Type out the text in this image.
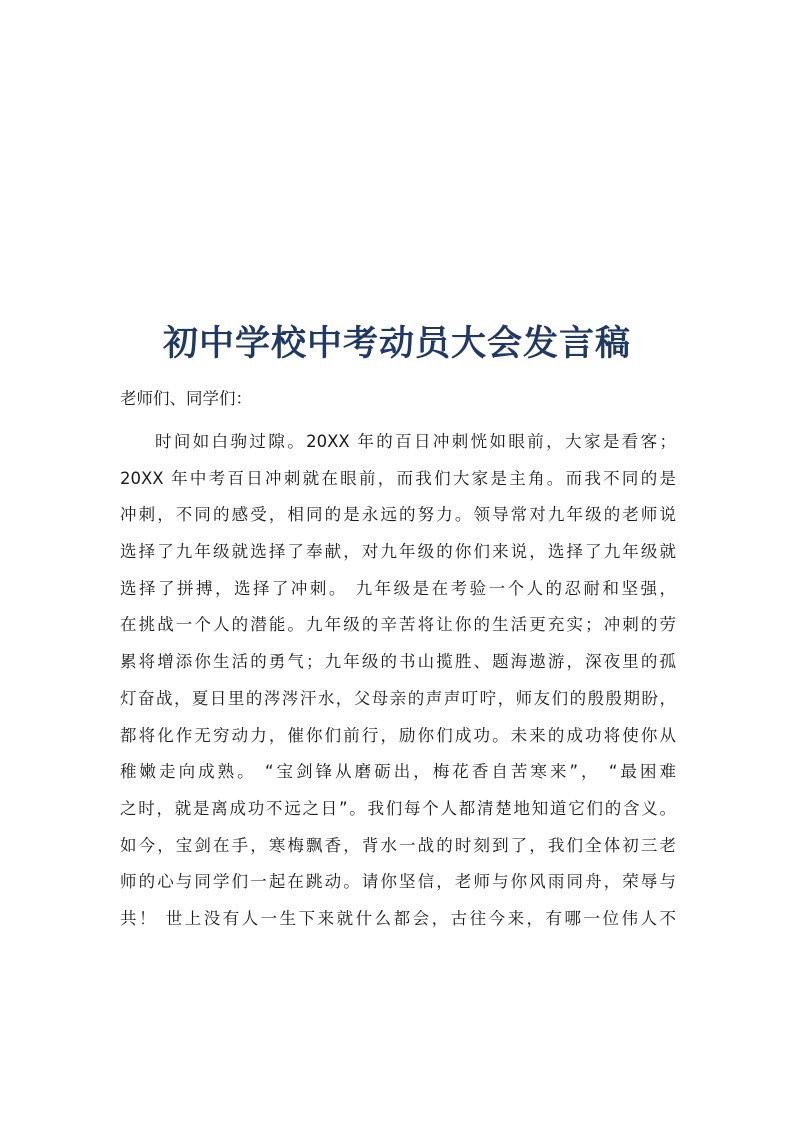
初中学校中考动员大会发言稿

老师们、同学们：

时间如白驹过隙。20XX 年的百日冲刺恍如眼前，大家是看客；
20XX 年中考百日冲刺就在眼前，而我们大家是主角。而我不同的是
冲刺，不同的感受，相同的是永远的努力。领导常对九年级的老师说
选择了九年级就选择了奉献，对九年级的你们来说，选择了九年级就
选择了拼搏，选择了冲刺。 九年级是在考验一个人的忍耐和坚强，
在挑战一个人的潜能。九年级的辛苦将让你的生活更充实；冲刺的劳
累将增添你生活的勇气；九年级的书山揽胜、题海遨游，深夜里的孤
灯奋战，夏日里的涔涔汗水，父母亲的声声叮咛，师友们的殷殷期盼，
都将化作无穷动力，催你们前行，励你们成功。未来的成功将使你从
稚嫩走向成熟。 “宝剑锋从磨砺出，梅花香自苦寒来”， “最困难
之时，就是离成功不远之日”。我们每个人都清楚地知道它们的含义。
如今，宝剑在手，寒梅飘香，背水一战的时刻到了，我们全体初三老
师的心与同学们一起在跳动。请你坚信，老师与你风雨同舟，荣辱与
共！ 世上没有人一生下来就什么都会，古往今来，有哪一位伟人不
